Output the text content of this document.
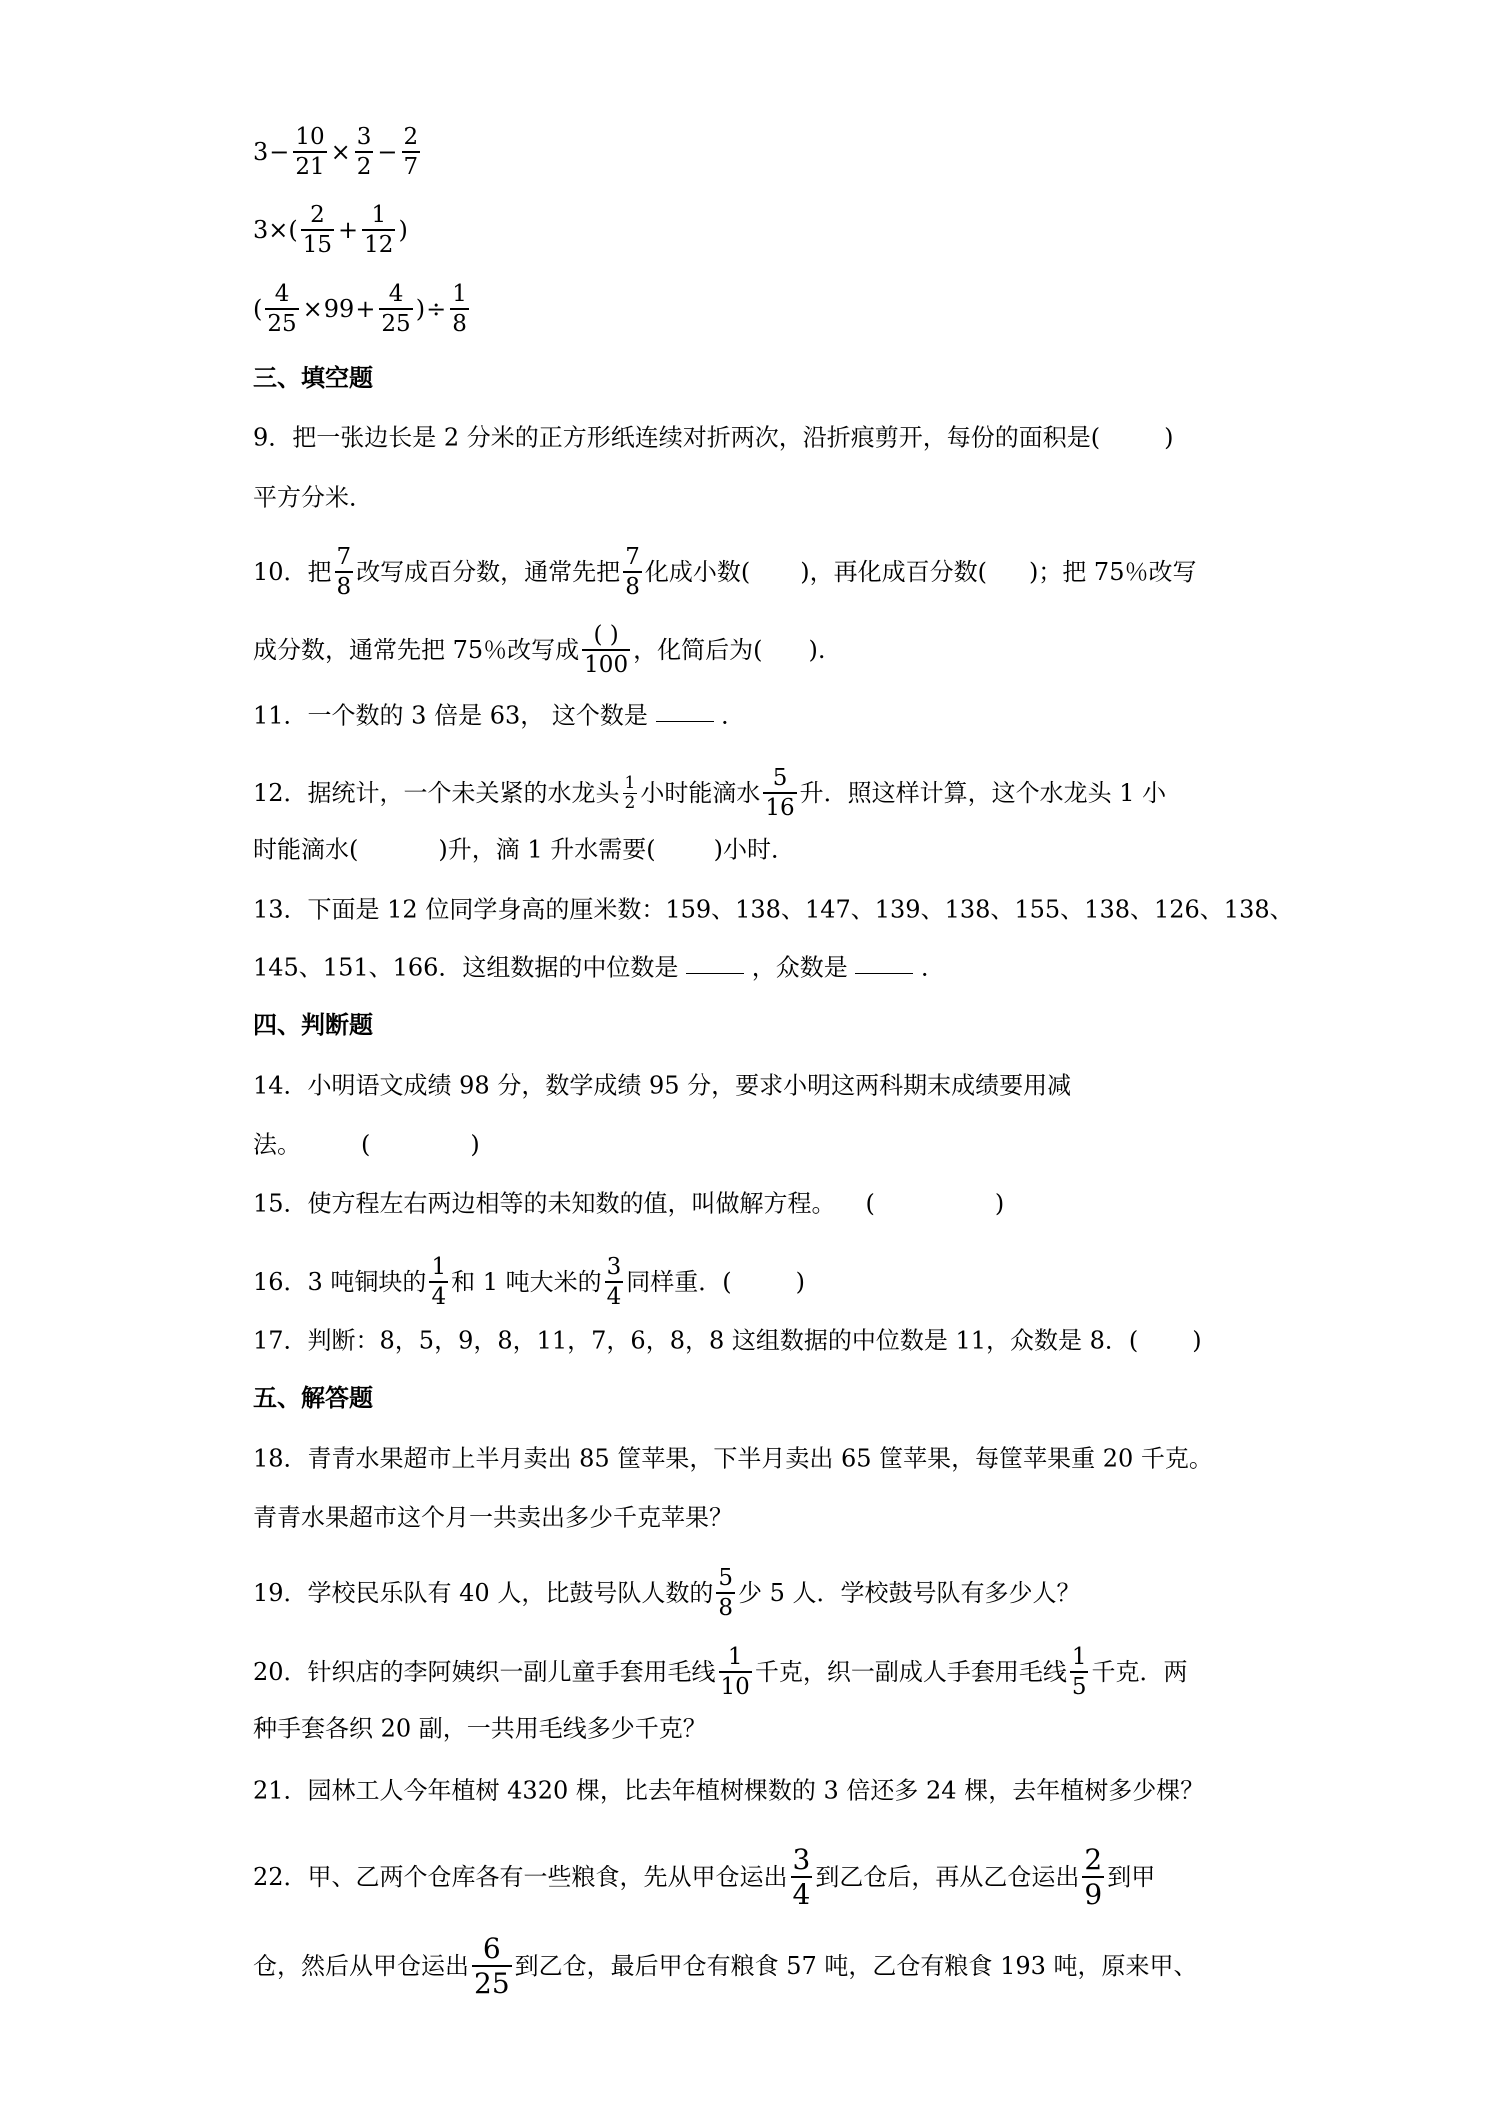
$3- \frac{10}{21} \times \frac{3}{2} - \frac{2}{7}$
$3\times( \frac{2}{15} + \frac{1}{12}$ )
( $\frac{4}{25} \times 99+ \frac{4}{25}$ )÷ $\frac{1}{8}$
三、填空题
9．把一张边长是 2 分米的正方形纸连续对折两次，沿折痕剪开，每份的面积是(	)
平方分米．
10．把 $\frac{7}{8}$ 改写成百分数，通常先把 $\frac{7}{8}$ 化成小数( )，再化成百分数( )；把 75％改写
成分数，通常先把 75％改写成 $\frac{( )}{100}$ ，化简后为( ).
11．一个数的 3 倍是 63， 这个数是	．
12．据统计，一个未关紧的水龙头 $\frac{1}{2}$ 小时能滴水 $\frac{5}{16}$ 升．照这样计算，这个水龙头 1 小
时能滴水(	)升，滴 1 升水需要( )小时．
13．下面是 12 位同学身高的厘米数：159、138、147、139、138、155、138、126、138、
145、151、166．这组数据的中位数是	，众数是	．
四、判断题
14．小明语文成绩 98 分，数学成绩 95 分，要求小明这两科期末成绩要用减
法。	(	)
15．使方程左右两边相等的未知数的值，叫做解方程。 (	)
16．3 吨铜块的 $\frac{1}{4}$ 和 1 吨大米的 $\frac{3}{4}$ 同样重．(	)
17．判断：8，5，9，8，11，7，6，8，8 这组数据的中位数是 11，众数是 8．( )
五、解答题
18．青青水果超市上半月卖出 85 筐苹果，下半月卖出 65 筐苹果，每筐苹果重 20 千克。
青青水果超市这个月一共卖出多少千克苹果？
19．学校民乐队有 40 人，比鼓号队人数的 $\frac{5}{8}$ 少 5 人．学校鼓号队有多少人？
20．针织店的李阿姨织一副儿童手套用毛线 $\frac{1}{10}$ 千克，织一副成人手套用毛线 $\frac{1}{5}$ 千克．两
种手套各织 20 副，一共用毛线多少千克？
21．园林工人今年植树 4320 棵，比去年植树棵数的 3 倍还多 24 棵，去年植树多少棵？
22．甲、乙两个仓库各有一些粮食，先从甲仓运出 $\frac{3}{4}$ 到乙仓后，再从乙仓运出 $\frac{2}{9}$ 到甲
仓，然后从甲仓运出 $\frac{6}{25}$ 到乙仓，最后甲仓有粮食 57 吨，乙仓有粮食 193 吨，原来甲、
